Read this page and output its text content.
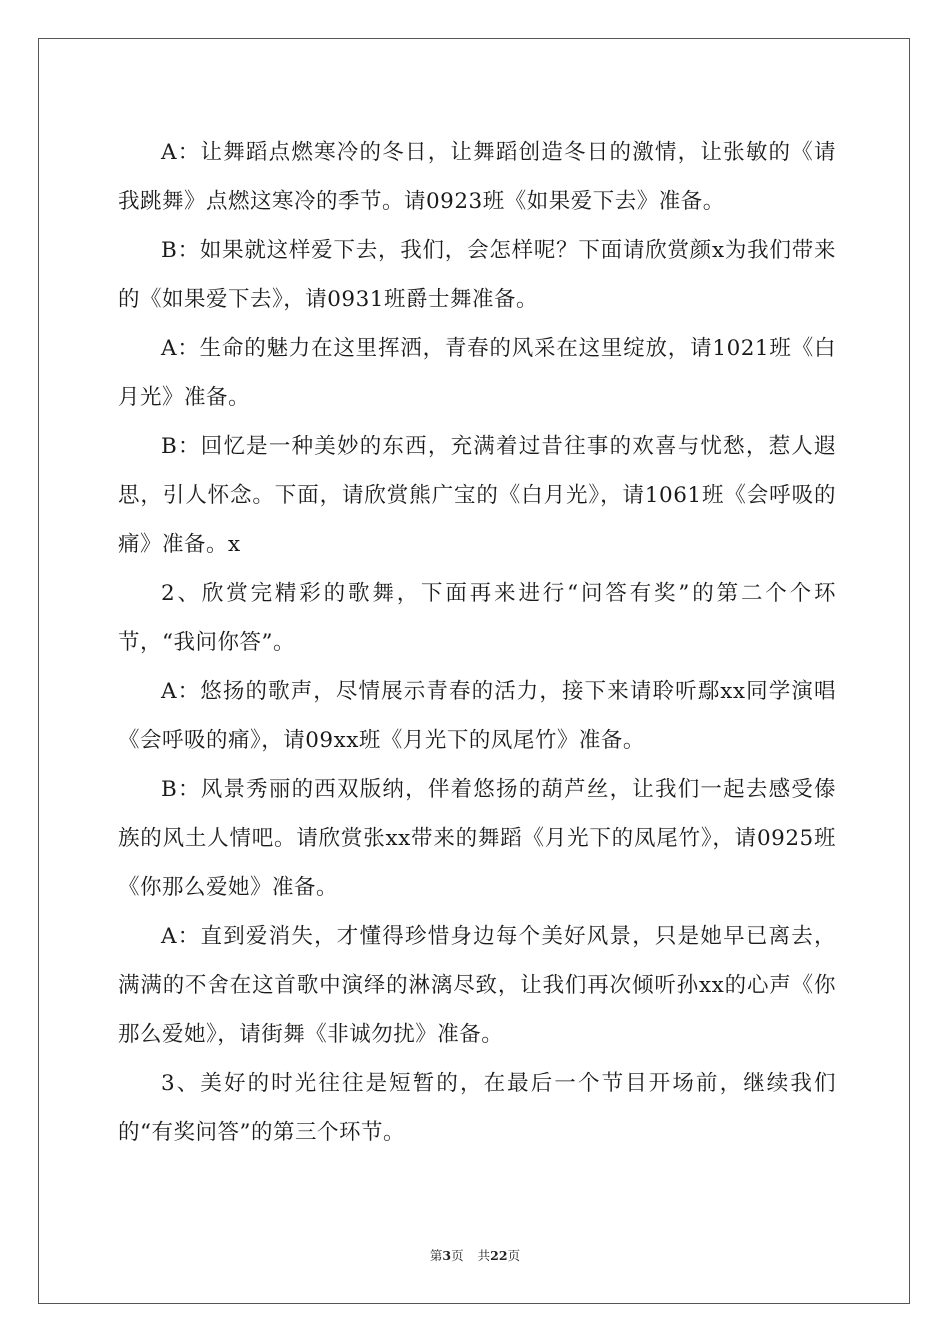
A：让舞蹈点燃寒冷的冬日，让舞蹈创造冬日的激情，让张敏的《请我跳舞》点燃这寒冷的季节。请0923班《如果爱下去》准备。

B：如果就这样爱下去，我们，会怎样呢？下面请欣赏颜x为我们带来的《如果爱下去》，请0931班爵士舞准备。

A：生命的魅力在这里挥洒，青春的风采在这里绽放，请1021班《白月光》准备。

B：回忆是一种美妙的东西，充满着过昔往事的欢喜与忧愁，惹人遐思，引人怀念。下面，请欣赏熊广宝的《白月光》，请1061班《会呼吸的痛》准备。x

2、欣赏完精彩的歌舞，下面再来进行“问答有奖”的第二个个环节，“我问你答”。

A：悠扬的歌声，尽情展示青春的活力，接下来请聆听鄢xx同学演唱《会呼吸的痛》，请09xx班《月光下的凤尾竹》准备。

B：风景秀丽的西双版纳，伴着悠扬的葫芦丝，让我们一起去感受傣族的风土人情吧。请欣赏张xx带来的舞蹈《月光下的凤尾竹》，请0925班《你那么爱她》准备。

A：直到爱消失，才懂得珍惜身边每个美好风景，只是她早已离去，满满的不舍在这首歌中演绎的淋漓尽致，让我们再次倾听孙xx的心声《你那么爱她》，请街舞《非诚勿扰》准备。

3、美好的时光往往是短暂的，在最后一个节目开场前，继续我们的“有奖问答”的第三个环节。

第3页 共22页
